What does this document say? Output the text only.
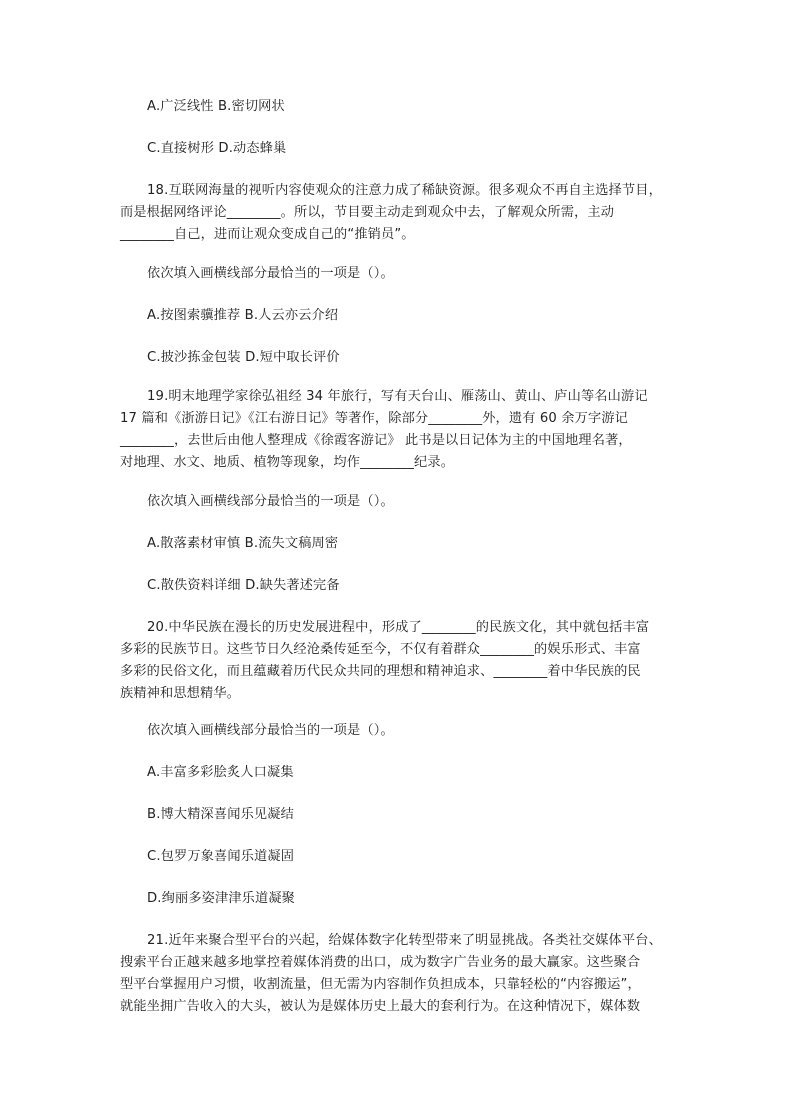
A.广泛线性 B.密切网状
C.直接树形 D.动态蜂巢
18.互联网海量的视听内容使观众的注意力成了稀缺资源。很多观众不再自主选择节目，
而是根据网络评论________。所以，节目要主动走到观众中去，了解观众所需，主动
________自己，进而让观众变成自己的“推销员”。
依次填入画横线部分最恰当的一项是（）。
A.按图索骥推荐 B.人云亦云介绍
C.披沙拣金包装 D.短中取长评价
19.明末地理学家徐弘祖经 34 年旅行，写有天台山、雁荡山、黄山、庐山等名山游记
17 篇和《浙游日记》《江右游日记》等著作，除部分________外，遗有 60 余万字游记
________，去世后由他人整理成《徐霞客游记》 此书是以日记体为主的中国地理名著，
对地理、水文、地质、植物等现象，均作________纪录。
依次填入画横线部分最恰当的一项是（）。
A.散落素材审慎 B.流失文稿周密
C.散佚资料详细 D.缺失著述完备
20.中华民族在漫长的历史发展进程中，形成了________的民族文化，其中就包括丰富
多彩的民族节日。这些节日久经沧桑传延至今，不仅有着群众________的娱乐形式、丰富
多彩的民俗文化，而且蕴藏着历代民众共同的理想和精神追求、________着中华民族的民
族精神和思想精华。
依次填入画横线部分最恰当的一项是（）。
A.丰富多彩脍炙人口凝集
B.博大精深喜闻乐见凝结
C.包罗万象喜闻乐道凝固
D.绚丽多姿津津乐道凝聚
21.近年来聚合型平台的兴起，给媒体数字化转型带来了明显挑战。各类社交媒体平台、
搜索平台正越来越多地掌控着媒体消费的出口，成为数字广告业务的最大赢家。这些聚合
型平台掌握用户习惯，收割流量，但无需为内容制作负担成本，只靠轻松的“内容搬运”，
就能坐拥广告收入的大头，被认为是媒体历史上最大的套利行为。在这种情况下，媒体数
